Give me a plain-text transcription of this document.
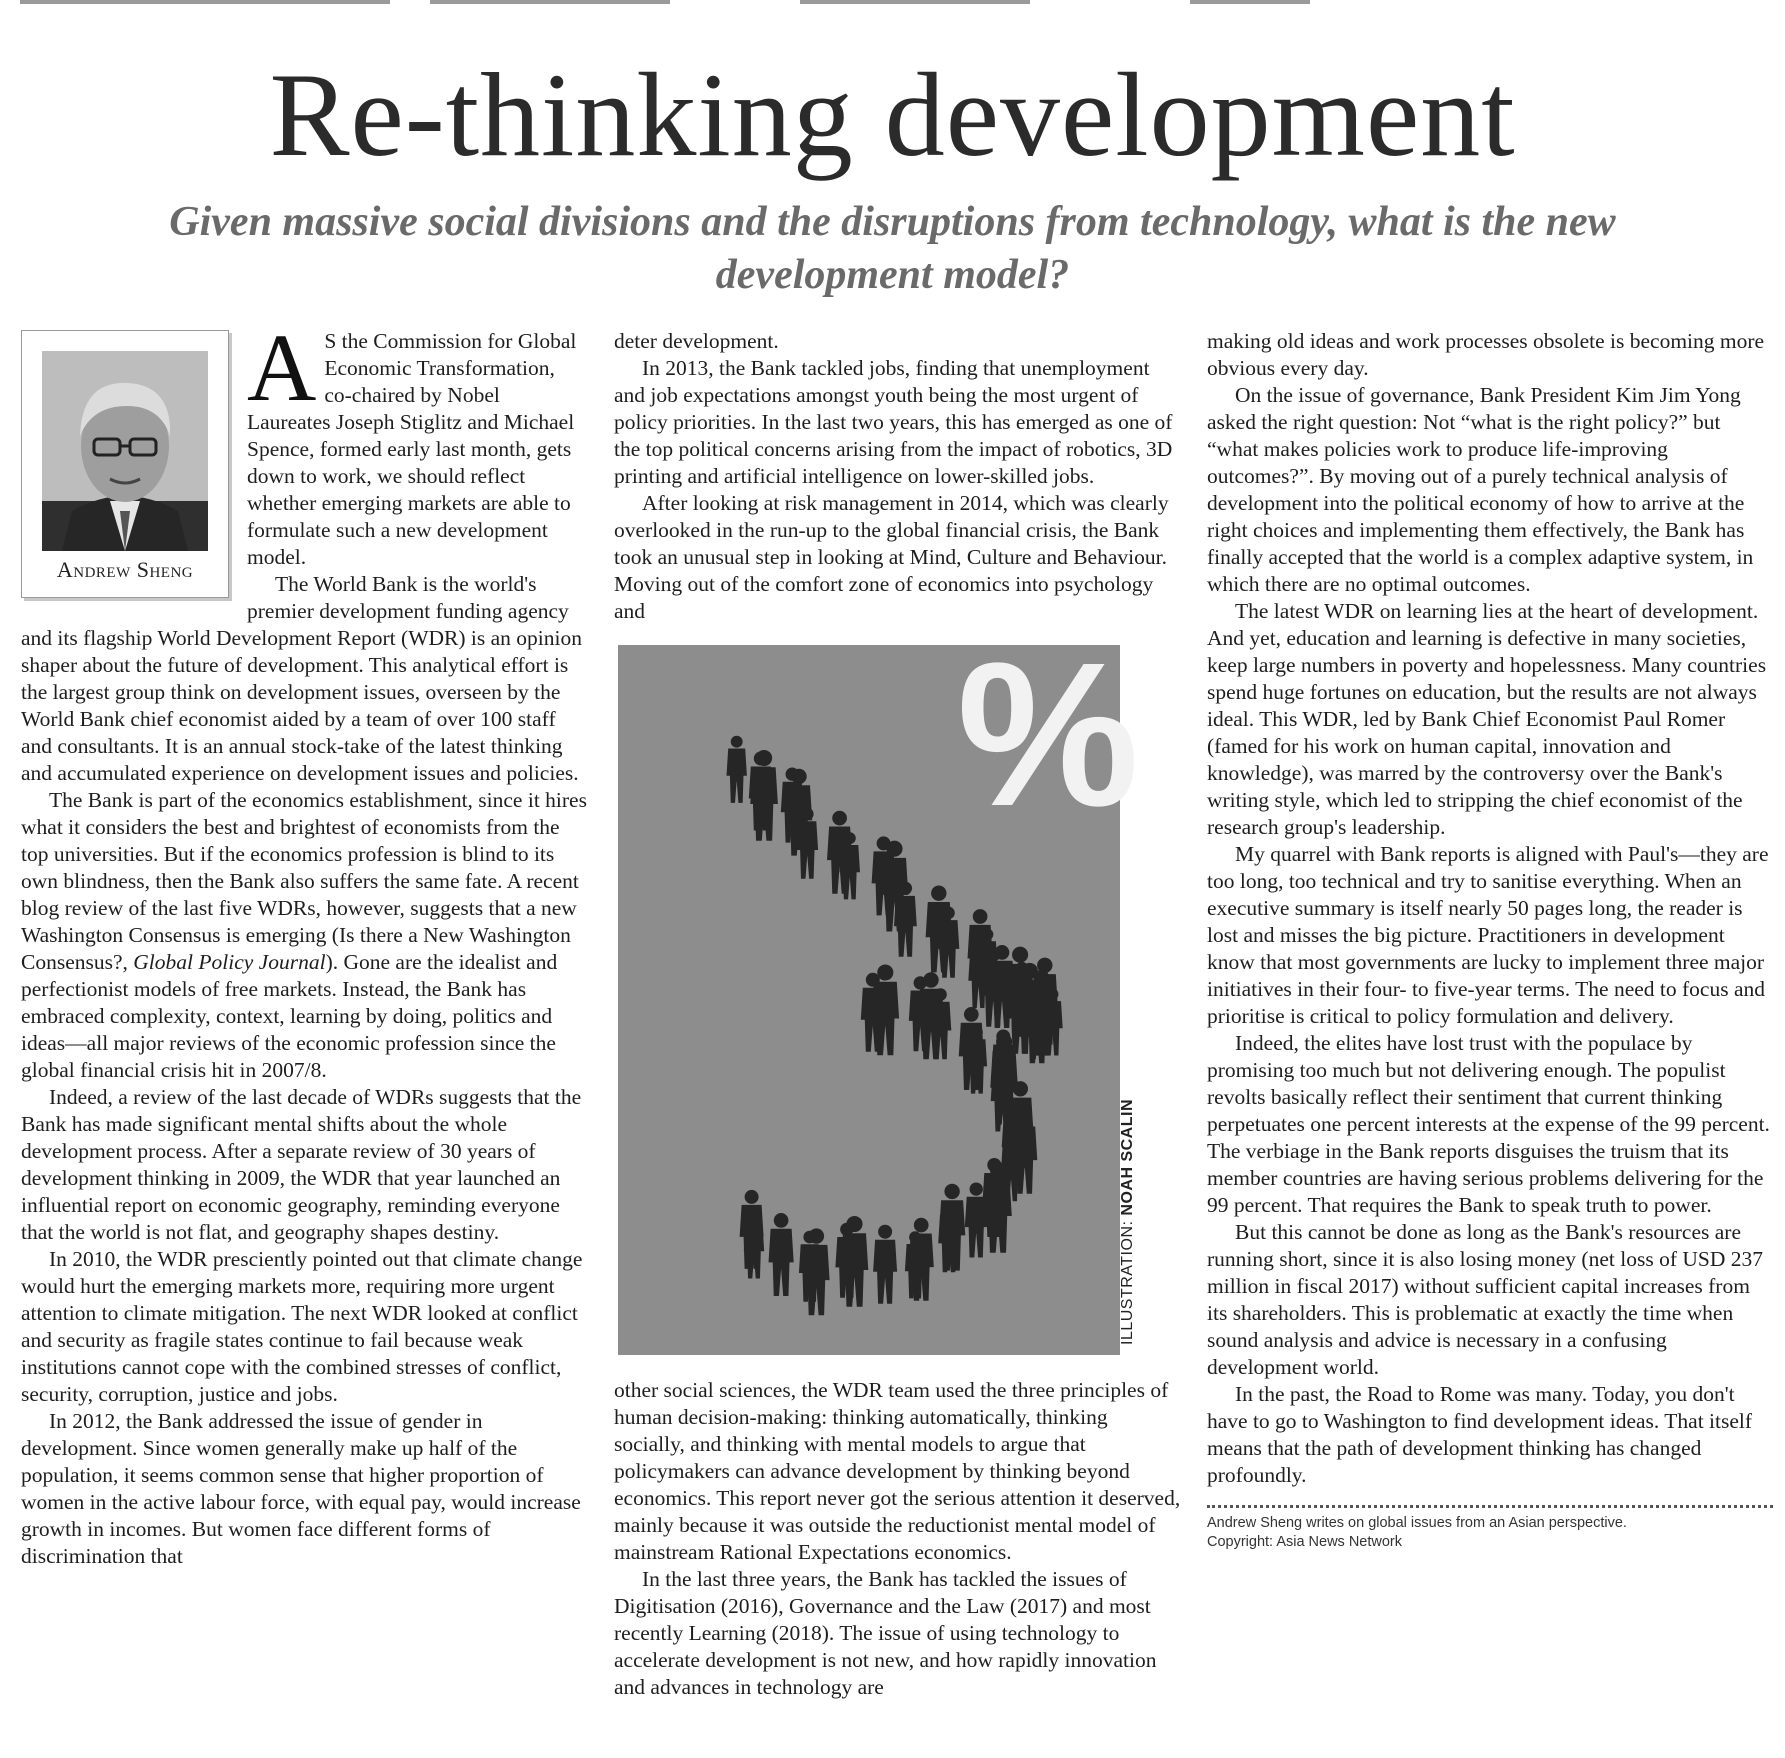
Re-thinking development
Given massive social divisions and the disruptions from technology, what is the new development model?
Andrew Sheng

A S the Commission for Global Economic Transformation, co-chaired by Nobel Laureates Joseph Stiglitz and Michael Spence, formed early last month, gets down to work, we should reflect whether emerging markets are able to formulate such a new development model.

The World Bank is the world's premier development funding agency and its flagship World Development Report (WDR) is an opinion shaper about the future of development. This analytical effort is the largest group think on development issues, overseen by the World Bank chief economist aided by a team of over 100 staff and consultants. It is an annual stock-take of the latest thinking and accumulated experience on development issues and policies.

The Bank is part of the economics establishment, since it hires what it considers the best and brightest of economists from the top universities. But if the economics profession is blind to its own blindness, then the Bank also suffers the same fate. A recent blog review of the last five WDRs, however, suggests that a new Washington Consensus is emerging (Is there a New Washington Consensus?, Global Policy Journal). Gone are the idealist and perfectionist models of free markets. Instead, the Bank has embraced complexity, context, learning by doing, politics and ideas—all major reviews of the economic profession since the global financial crisis hit in 2007/8.

Indeed, a review of the last decade of WDRs suggests that the Bank has made significant mental shifts about the whole development process. After a separate review of 30 years of development thinking in 2009, the WDR that year launched an influential report on economic geography, reminding everyone that the world is not flat, and geography shapes destiny.

In 2010, the WDR presciently pointed out that climate change would hurt the emerging markets more, requiring more urgent attention to climate mitigation. The next WDR looked at conflict and security as fragile states continue to fail because weak institutions cannot cope with the combined stresses of conflict, security, corruption, justice and jobs.

In 2012, the Bank addressed the issue of gender in development. Since women generally make up half of the population, it seems common sense that higher proportion of women in the active labour force, with equal pay, would increase growth in incomes. But women face different forms of discrimination that

deter development.

In 2013, the Bank tackled jobs, finding that unemployment and job expectations amongst youth being the most urgent of policy priorities. In the last two years, this has emerged as one of the top political concerns arising from the impact of robotics, 3D printing and artificial intelligence on lower-skilled jobs.

After looking at risk management in 2014, which was clearly overlooked in the run-up to the global financial crisis, the Bank took an unusual step in looking at Mind, Culture and Behaviour. Moving out of the comfort zone of economics into psychology and

%
ILLUSTRATION: NOAH SCALIN

other social sciences, the WDR team used the three principles of human decision-making: thinking automatically, thinking socially, and thinking with mental models to argue that policymakers can advance development by thinking beyond economics. This report never got the serious attention it deserved, mainly because it was outside the reductionist mental model of mainstream Rational Expectations economics.

In the last three years, the Bank has tackled the issues of Digitisation (2016), Governance and the Law (2017) and most recently Learning (2018). The issue of using technology to accelerate development is not new, and how rapidly innovation and advances in technology are

making old ideas and work processes obsolete is becoming more obvious every day.

On the issue of governance, Bank President Kim Jim Yong asked the right question: Not “what is the right policy?” but “what makes policies work to produce life-improving outcomes?”. By moving out of a purely technical analysis of development into the political economy of how to arrive at the right choices and implementing them effectively, the Bank has finally accepted that the world is a complex adaptive system, in which there are no optimal outcomes.

The latest WDR on learning lies at the heart of development. And yet, education and learning is defective in many societies, keep large numbers in poverty and hopelessness. Many countries spend huge fortunes on education, but the results are not always ideal. This WDR, led by Bank Chief Economist Paul Romer (famed for his work on human capital, innovation and knowledge), was marred by the controversy over the Bank's writing style, which led to stripping the chief economist of the research group's leadership.

My quarrel with Bank reports is aligned with Paul's—they are too long, too technical and try to sanitise everything. When an executive summary is itself nearly 50 pages long, the reader is lost and misses the big picture. Practitioners in development know that most governments are lucky to implement three major initiatives in their four- to five-year terms. The need to focus and prioritise is critical to policy formulation and delivery.

Indeed, the elites have lost trust with the populace by promising too much but not delivering enough. The populist revolts basically reflect their sentiment that current thinking perpetuates one percent interests at the expense of the 99 percent. The verbiage in the Bank reports disguises the truism that its member countries are having serious problems delivering for the 99 percent. That requires the Bank to speak truth to power.

But this cannot be done as long as the Bank's resources are running short, since it is also losing money (net loss of USD 237 million in fiscal 2017) without sufficient capital increases from its shareholders. This is problematic at exactly the time when sound analysis and advice is necessary in a confusing development world.

In the past, the Road to Rome was many. Today, you don't have to go to Washington to find development ideas. That itself means that the path of development thinking has changed profoundly.

Andrew Sheng writes on global issues from an Asian perspective.
Copyright: Asia News Network
